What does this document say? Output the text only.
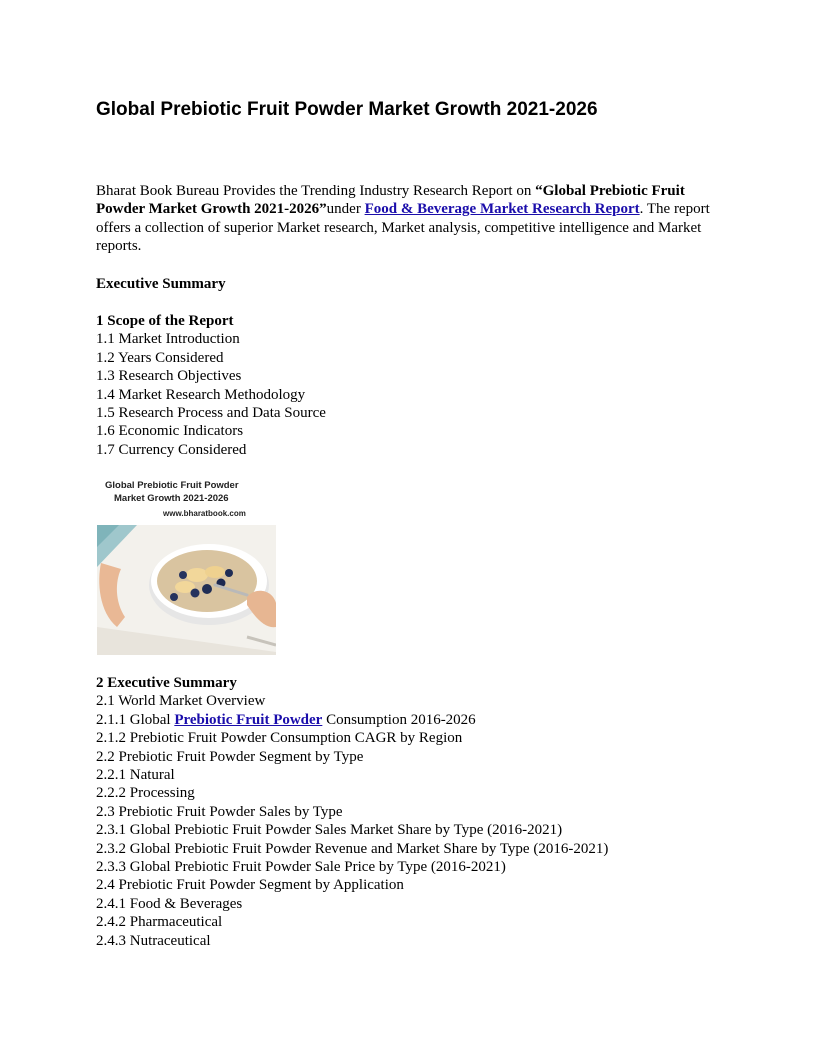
Global Prebiotic Fruit Powder Market Growth 2021-2026

Bharat Book Bureau Provides the Trending Industry Research Report on “Global Prebiotic Fruit Powder Market Growth 2021-2026”under Food & Beverage Market Research Report. The report offers a collection of superior Market research, Market analysis, competitive intelligence and Market reports.

Executive Summary

1 Scope of the Report
1.1 Market Introduction
1.2 Years Considered
1.3 Research Objectives
1.4 Market Research Methodology
1.5 Research Process and Data Source
1.6 Economic Indicators
1.7 Currency Considered
Global Prebiotic Fruit Powder
Market Growth 2021-2026
www.bharatbook.com
2 Executive Summary
2.1 World Market Overview
2.1.1 Global Prebiotic Fruit Powder Consumption 2016-2026
2.1.2 Prebiotic Fruit Powder Consumption CAGR by Region
2.2 Prebiotic Fruit Powder Segment by Type
2.2.1 Natural
2.2.2 Processing
2.3 Prebiotic Fruit Powder Sales by Type
2.3.1 Global Prebiotic Fruit Powder Sales Market Share by Type (2016-2021)
2.3.2 Global Prebiotic Fruit Powder Revenue and Market Share by Type (2016-2021)
2.3.3 Global Prebiotic Fruit Powder Sale Price by Type (2016-2021)
2.4 Prebiotic Fruit Powder Segment by Application
2.4.1 Food & Beverages
2.4.2 Pharmaceutical
2.4.3 Nutraceutical
